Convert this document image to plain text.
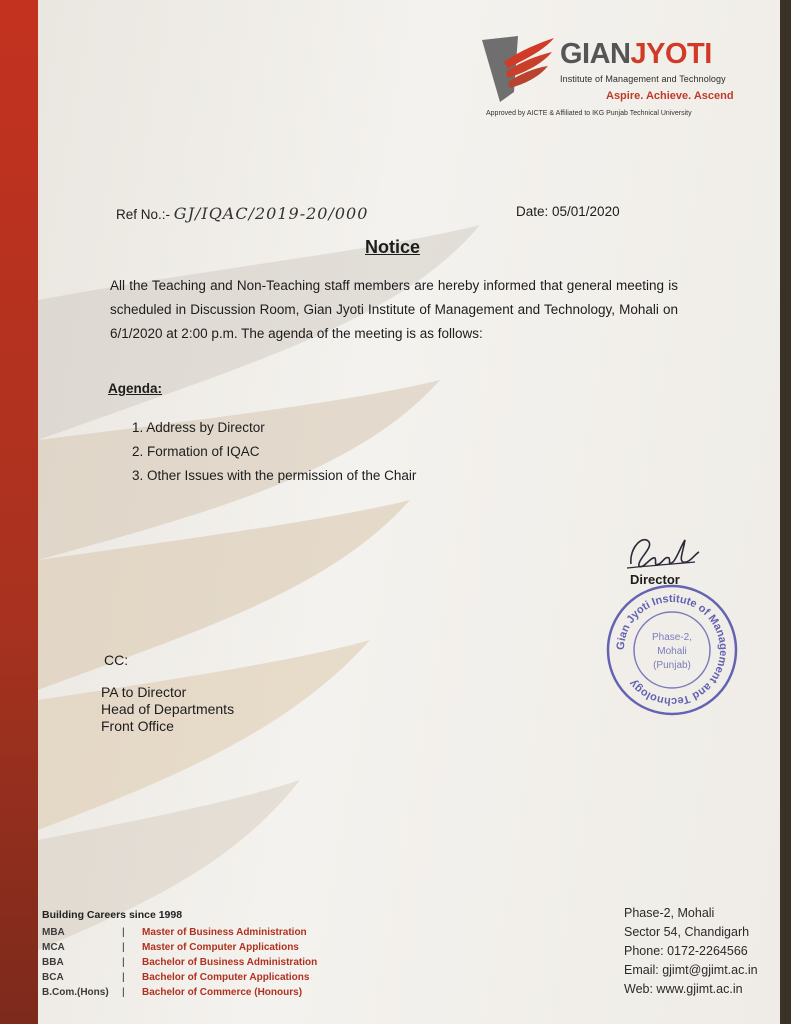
GIANJYOTI
Institute of Management and Technology
Aspire. Achieve. Ascend
Approved by AICTE & Affiliated to IKG Punjab Technical University
Ref No.:- GJ/IQAC/2019-20/000	Date: 05/01/2020
Notice
All the Teaching and Non-Teaching staff members are hereby informed that general meeting is scheduled in Discussion Room, Gian Jyoti Institute of Management and Technology, Mohali on 6/1/2020 at 2:00 p.m. The agenda of the meeting is as follows:
Agenda:
1. Address by Director
2. Formation of IQAC
3. Other Issues with the permission of the Chair
Director
Gian Jyoti Institute of Management and Technology
Phase-2,
Mohali
(Punjab)
CC:
PA to Director
Head of Departments
Front Office
Building Careers since 1998
MBA	|	Master of Business Administration
MCA	|	Master of Computer Applications
BBA	|	Bachelor of Business Administration
BCA	|	Bachelor of Computer Applications
B.Com.(Hons)	|	Bachelor of Commerce (Honours)
Phase-2, Mohali
Sector 54, Chandigarh
Phone: 0172-2264566
Email: gjimt@gjimt.ac.in
Web: www.gjimt.ac.in
